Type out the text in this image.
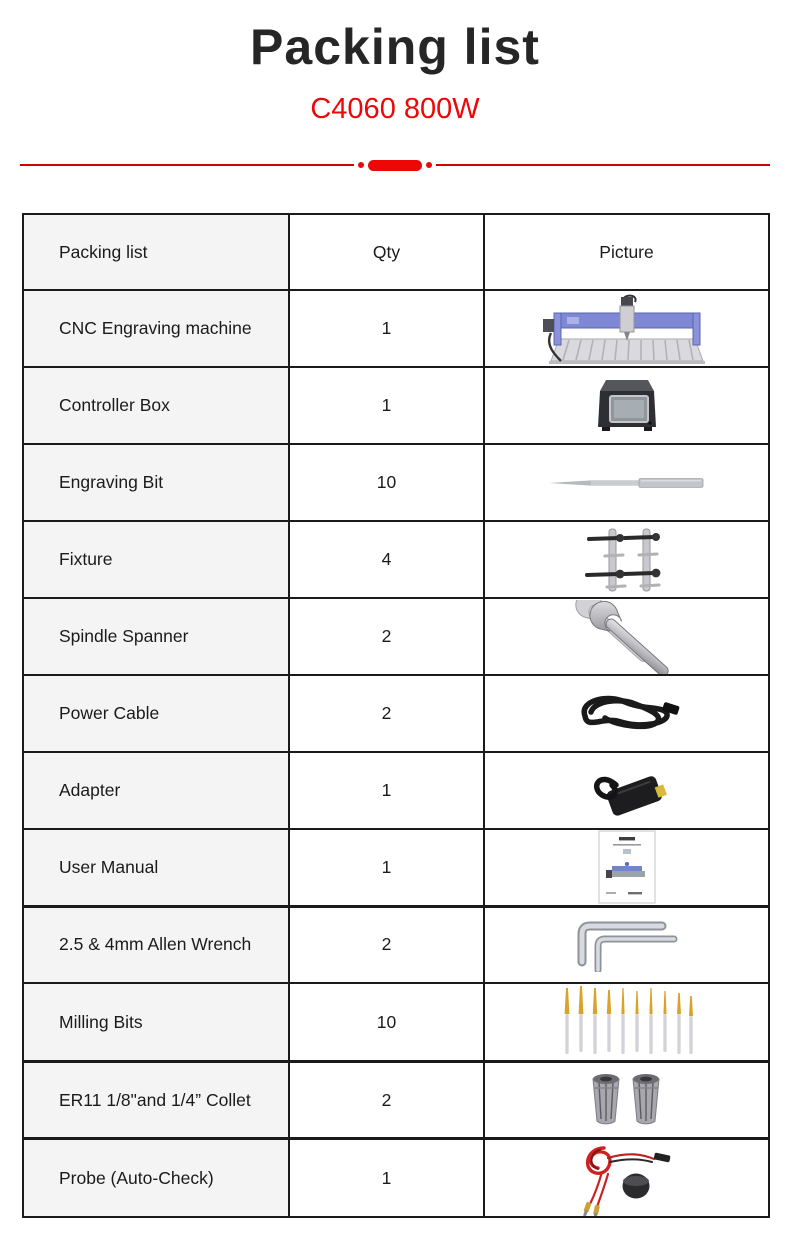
Packing list
C4060 800W
Packing list	Qty	Picture
CNC Engraving machine	1	

Controller Box	1	

Engraving Bit	10	

Fixture	4	

Spindle Spanner	2	

Power Cable	2	

Adapter	1	

User Manual	1	

2.5 & 4mm Allen Wrench	2	

Milling Bits	10	

ER11 1/8"and 1/4” Collet	2	

Probe (Auto-Check)	1	
